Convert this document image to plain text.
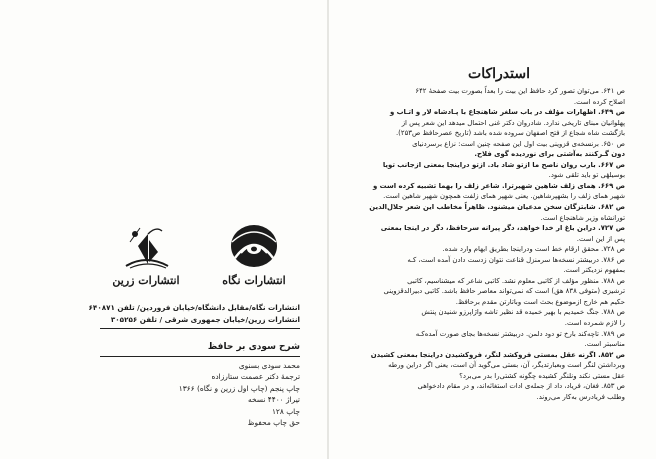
انتشارات نگاه
انتشارات زرین
انتشارات نگاه/مقابل دانشگاه/خیابان فروردین/ تلفن ۶۴۰۸۷۱
انتشارات زرین/خیابان جمهوری شرقی / تلفن ۳۰۵۲۵۶
شرح سودی بر حافظ
محمد سودی بسنوی
ترجمهٔ دکتر عصمت ستارزاده
چاپ پنجم (چاپ اول زرین و نگاه) ۱۳۶۶
تیراژ ۴۴۰۰ نسخه
چاپ ۱۲۸
حق چاپ محفوظ
استدراکات
ص ۶۴۱. می‌توان تصور کرد حافظ این بیت را بعداً بصورت بیت صفحهٔ ۶۴۲
اصلاح کرده است.
ص ۶۴۹. اظهارات مؤلف در باب سلغر شاهنجاع با پـادشاه لار و اتـاب و
پهلوانیان مبنای تاریخی ندارد. شادروان دکتر غنی احتمال میدهد این شعر پس از
بازگشت شاه شجاع از فتح اصفهان سروده شده باشد (تاریخ عصرحافظ ص۲۵۳).
ص ۶۵۰. برنسخه‌ی قزوینی بیت اول این صفحه چنین است: نزاع برسردنیای
دون گـرکنند به‌آشتی برای نوردیده گوی فلاح.
ص ۶۶۷. بارب روان ناصح ما ازتو شاد باد. ازتو دراینجا بمعنی ازجانب تویا
بوسیلهٔی تو باید تلقی شود.
ص ۶۶۹. همای زلف شاهین شهیر‌ترا. شاعر زلف را بهما تشبیه کرده است و
شهیر همای زلف را بشهپرشاهین. یعنی شهپر همای زلفت همچون شهپر شاهین است.
ص ۶۸۲. شابتزگان سخن مدعیان میشنود. ظاهراً مخاطب این شعر جلال‌الدین
تورانشاه وزیر شاهنجاع است.
ص ۷۲۷. دراین باغ ار خدا خواهد، دگر پیرانه سرحافظ، دگر در اینجا بمعنی
پس از این است.
ص ۷۲۸. محقق ارقام خط است ودراینجا بطریق ایهام وارد شده.
ص ۷۸۶. دربیشتر نسخه‌ها سرمنزل قناعت نتوان زدست دادن آمده است، کـه
بمفهوم نزدیکتر است.
ص ۷۸۸. منظور مؤلف از کاتبی معلوم نشد. کاتبی شاعر که میشناسیم، کاتبی
ترشیزی (متوفی ۸۳۸ هق) است که نمی‌تواند معاصر حافظ باشد. کاتبی دبیرالدقزوینی
حکیم هم خارج ازموضوع بحث است و‌باتارتن مقدم برحافظ.
ص ۷۸۸. جنگ خمیدیم با بهیر خمیده قد نظیر تاشه واژاپرزو شنیدن پنتش
را لازم شمرده است.
ص ۷۸۹. تاچه‌کند بارخ تو دود دلمن. دربیشتر نسخه‌ها بجای صورت آمده‌کـه
مناسبتر است.
ص ۸۵۲. اگرنه عقل بمستی فروکشد لنگر، فروکشیدن دراینجا بمعنی کشیدن
وبرداشتن لنگر است وبعبارتدیگر، آن، بستی می‌گوید آن است، یعنی اگر دراین ورطه
عقل مستی نکند ونلنگر کشیده چگونه کشتی‌را بدر می‌برد؟
ص ۸۵۳. فغان، فریاد، داد از جمله‌ی ادات استغاثه‌اند، و در مقام دادخواهی
وطلب فریادرس به‌کار می‌روند.
